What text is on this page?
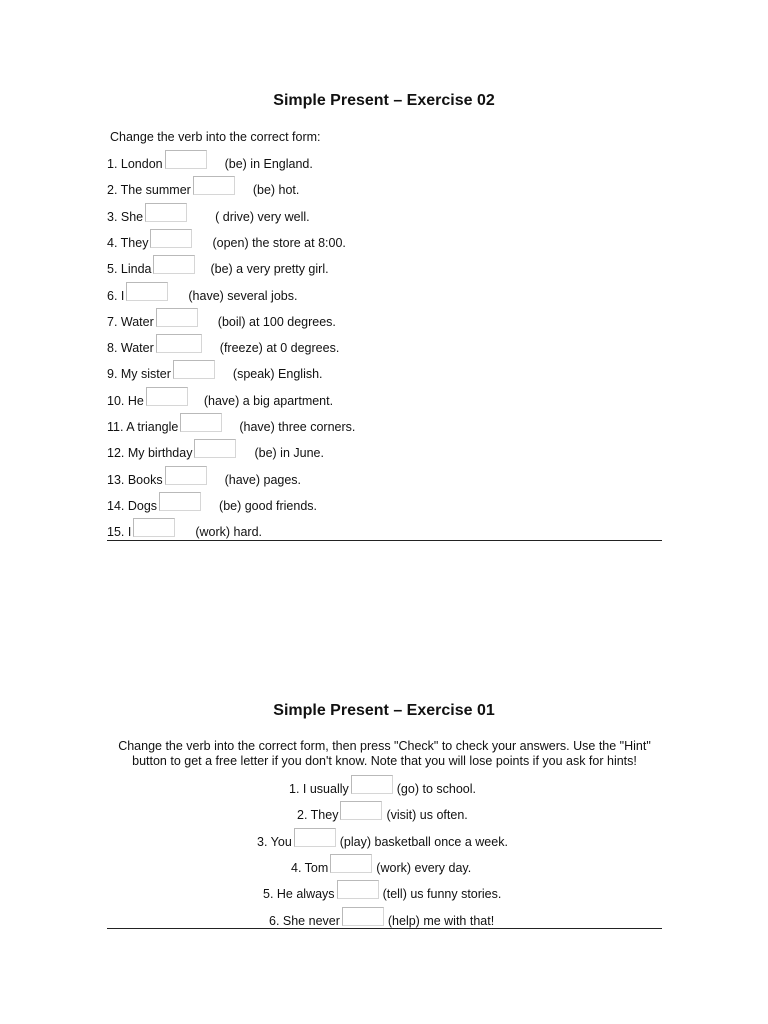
Simple Present – Exercise 02
Change the verb into the correct form:
1. London	(be) in England.
2. The summer	(be) hot.
3. She	( drive) very well.
4. They	(open) the store at 8:00.
5. Linda	(be) a very pretty girl.
6. I	(have) several jobs.
7. Water	(boil) at 100 degrees.
8. Water	(freeze) at 0 degrees.
9. My sister	(speak) English.
10. He	(have) a big apartment.
11. A triangle	(have) three corners.
12. My birthday	(be) in June.
13. Books	(have) pages.
14. Dogs	(be) good friends.
15. I	(work) hard.
Simple Present – Exercise 01
Change the verb into the correct form, then press "Check" to check your answers. Use the "Hint"
button to get a free letter if you don't know. Note that you will lose points if you ask for hints!
1. I usually	(go) to school.
2. They	(visit) us often.
3. You	(play) basketball once a week.
4. Tom	(work) every day.
5. He always	(tell) us funny stories.
6. She never	(help) me with that!
